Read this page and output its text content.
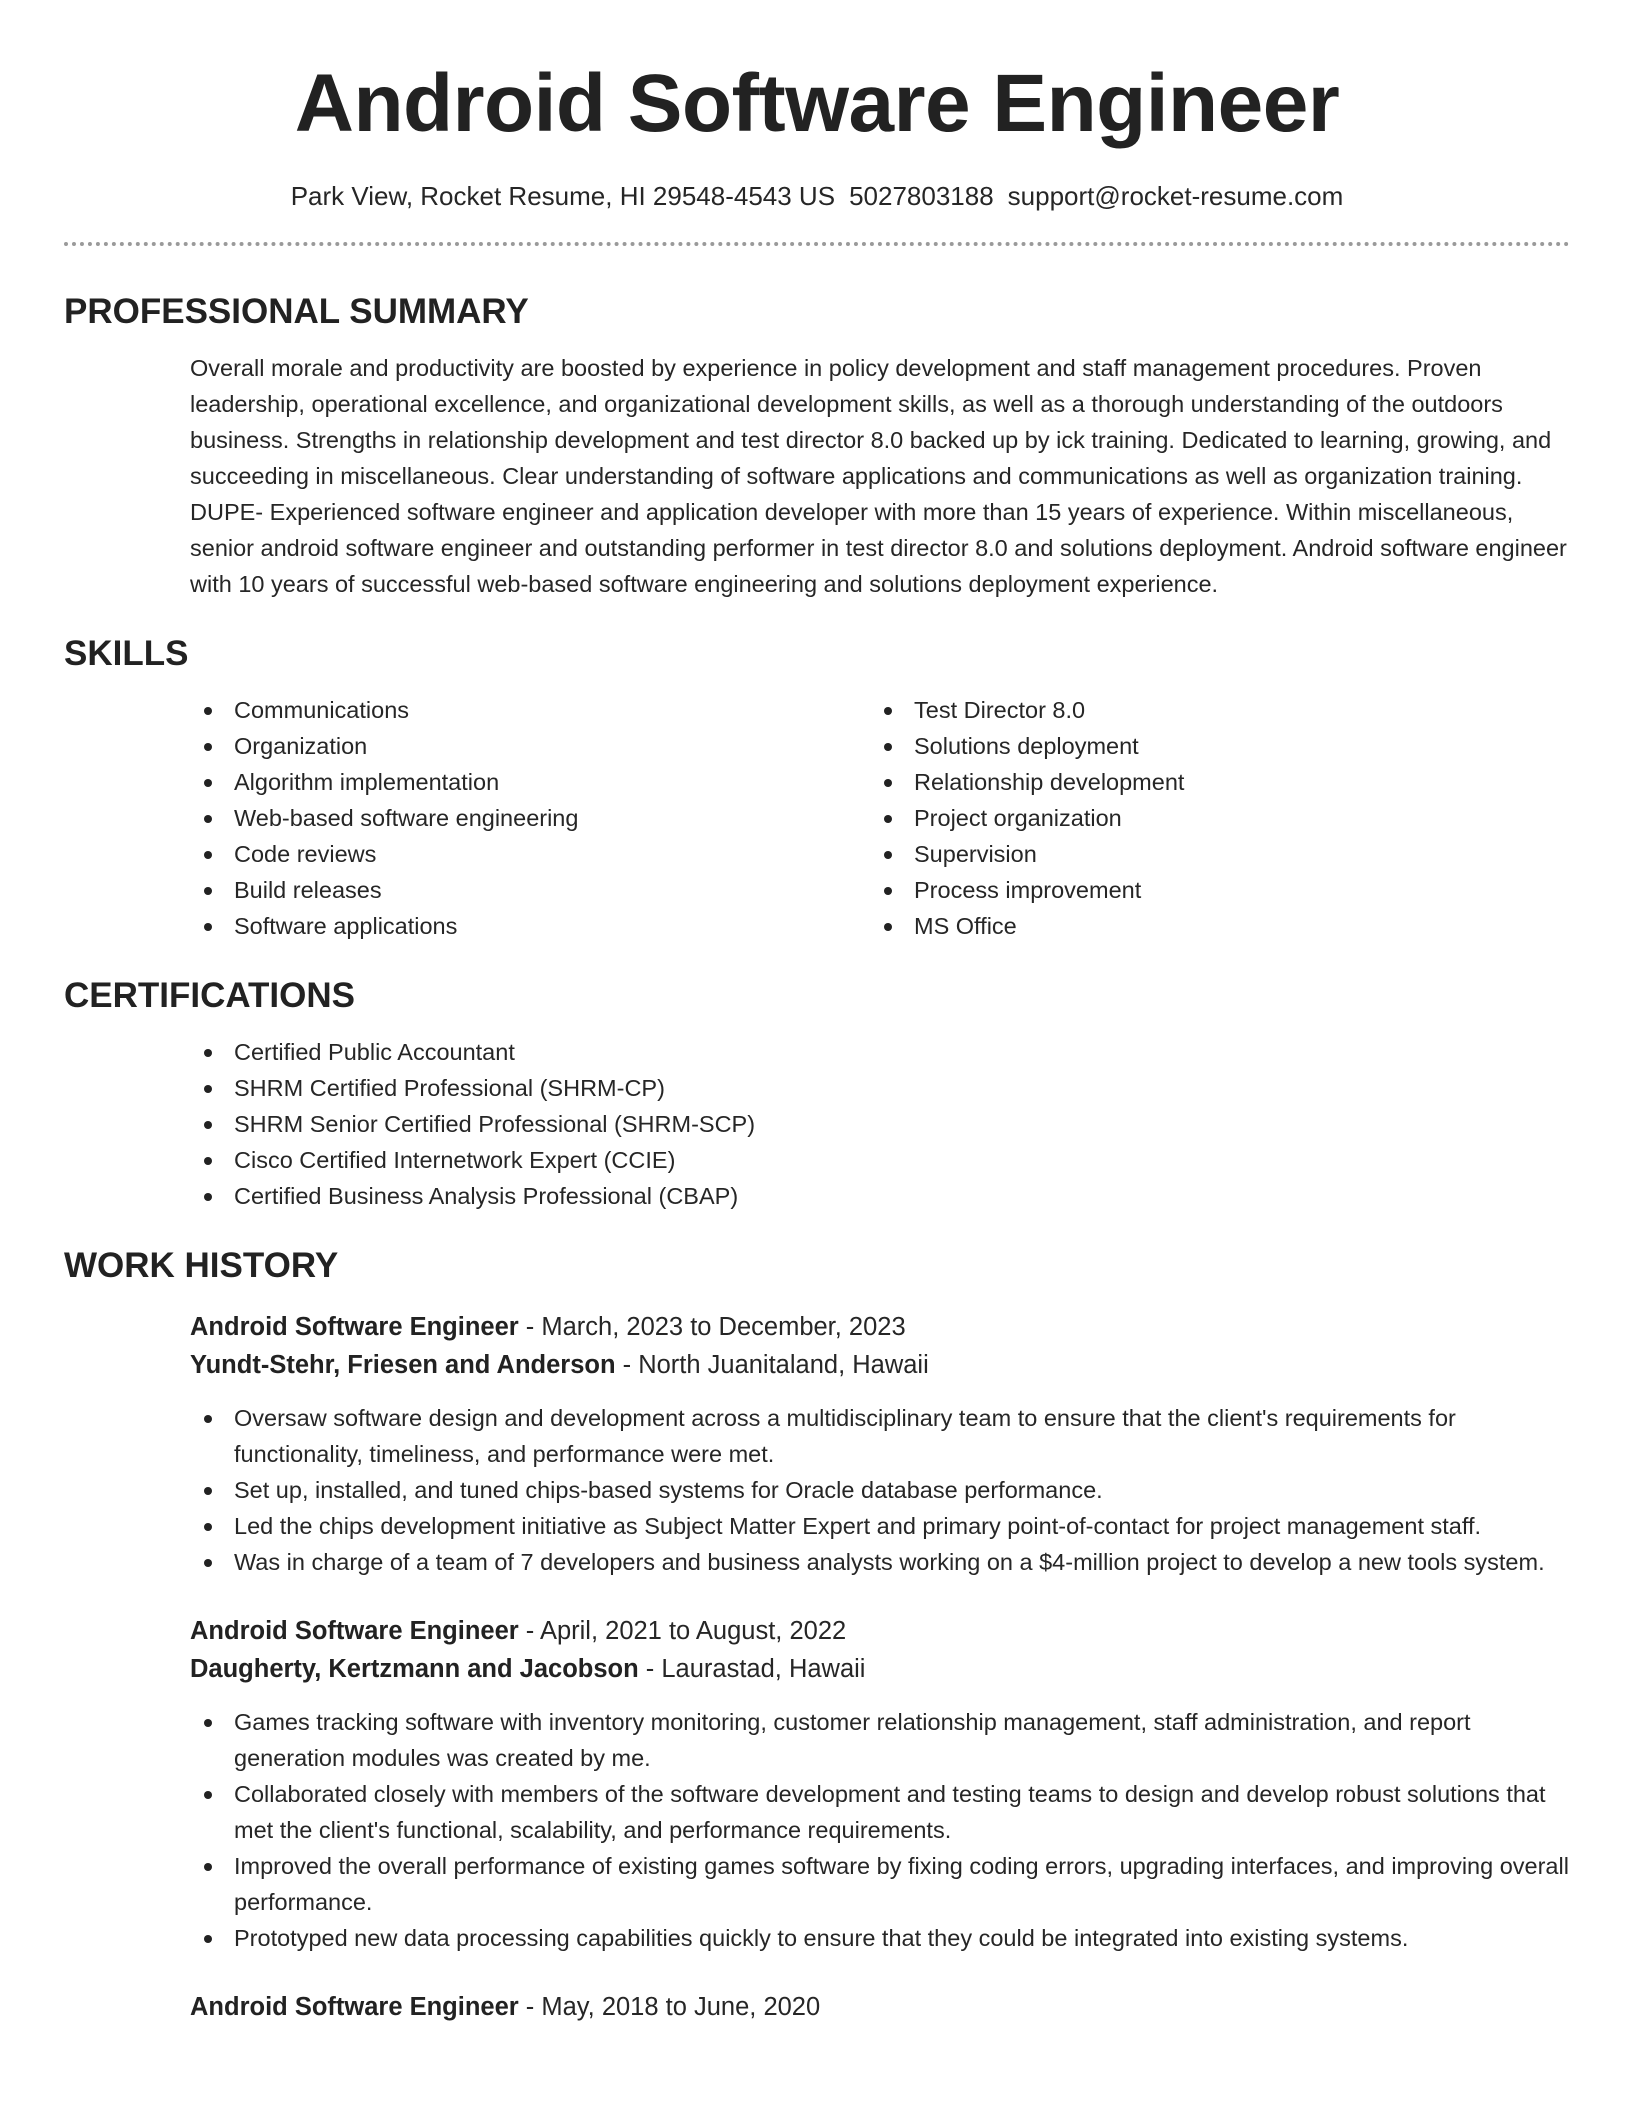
Android Software Engineer
Park View, Rocket Resume, HI 29548-4543 US 5027803188 support@rocket-resume.com
PROFESSIONAL SUMMARY

Overall morale and productivity are boosted by experience in policy development and staff management procedures. Proven leadership, operational excellence, and organizational development skills, as well as a thorough understanding of the outdoors business. Strengths in relationship development and test director 8.0 backed up by ick training. Dedicated to learning, growing, and succeeding in miscellaneous. Clear understanding of software applications and communications as well as organization training. DUPE- Experienced software engineer and application developer with more than 15 years of experience. Within miscellaneous, senior android software engineer and outstanding performer in test director 8.0 and solutions deployment. Android software engineer with 10 years of successful web-based software engineering and solutions deployment experience.

SKILLS
Communications
Organization
Algorithm implementation
Web-based software engineering
Code reviews
Build releases
Software applications
Test Director 8.0
Solutions deployment
Relationship development
Project organization
Supervision
Process improvement
MS Office
CERTIFICATIONS
Certified Public Accountant
SHRM Certified Professional (SHRM-CP)
SHRM Senior Certified Professional (SHRM-SCP)
Cisco Certified Internetwork Expert (CCIE)
Certified Business Analysis Professional (CBAP)
WORK HISTORY
Android Software Engineer - March, 2023 to December, 2023
Yundt-Stehr, Friesen and Anderson - North Juanitaland, Hawaii
Oversaw software design and development across a multidisciplinary team to ensure that the client's requirements for functionality, timeliness, and performance were met.
Set up, installed, and tuned chips-based systems for Oracle database performance.
Led the chips development initiative as Subject Matter Expert and primary point-of-contact for project management staff.
Was in charge of a team of 7 developers and business analysts working on a $4-million project to develop a new tools system.
Android Software Engineer - April, 2021 to August, 2022
Daugherty, Kertzmann and Jacobson - Laurastad, Hawaii
Games tracking software with inventory monitoring, customer relationship management, staff administration, and report generation modules was created by me.
Collaborated closely with members of the software development and testing teams to design and develop robust solutions that met the client's functional, scalability, and performance requirements.
Improved the overall performance of existing games software by fixing coding errors, upgrading interfaces, and improving overall performance.
Prototyped new data processing capabilities quickly to ensure that they could be integrated into existing systems.
Android Software Engineer - May, 2018 to June, 2020
